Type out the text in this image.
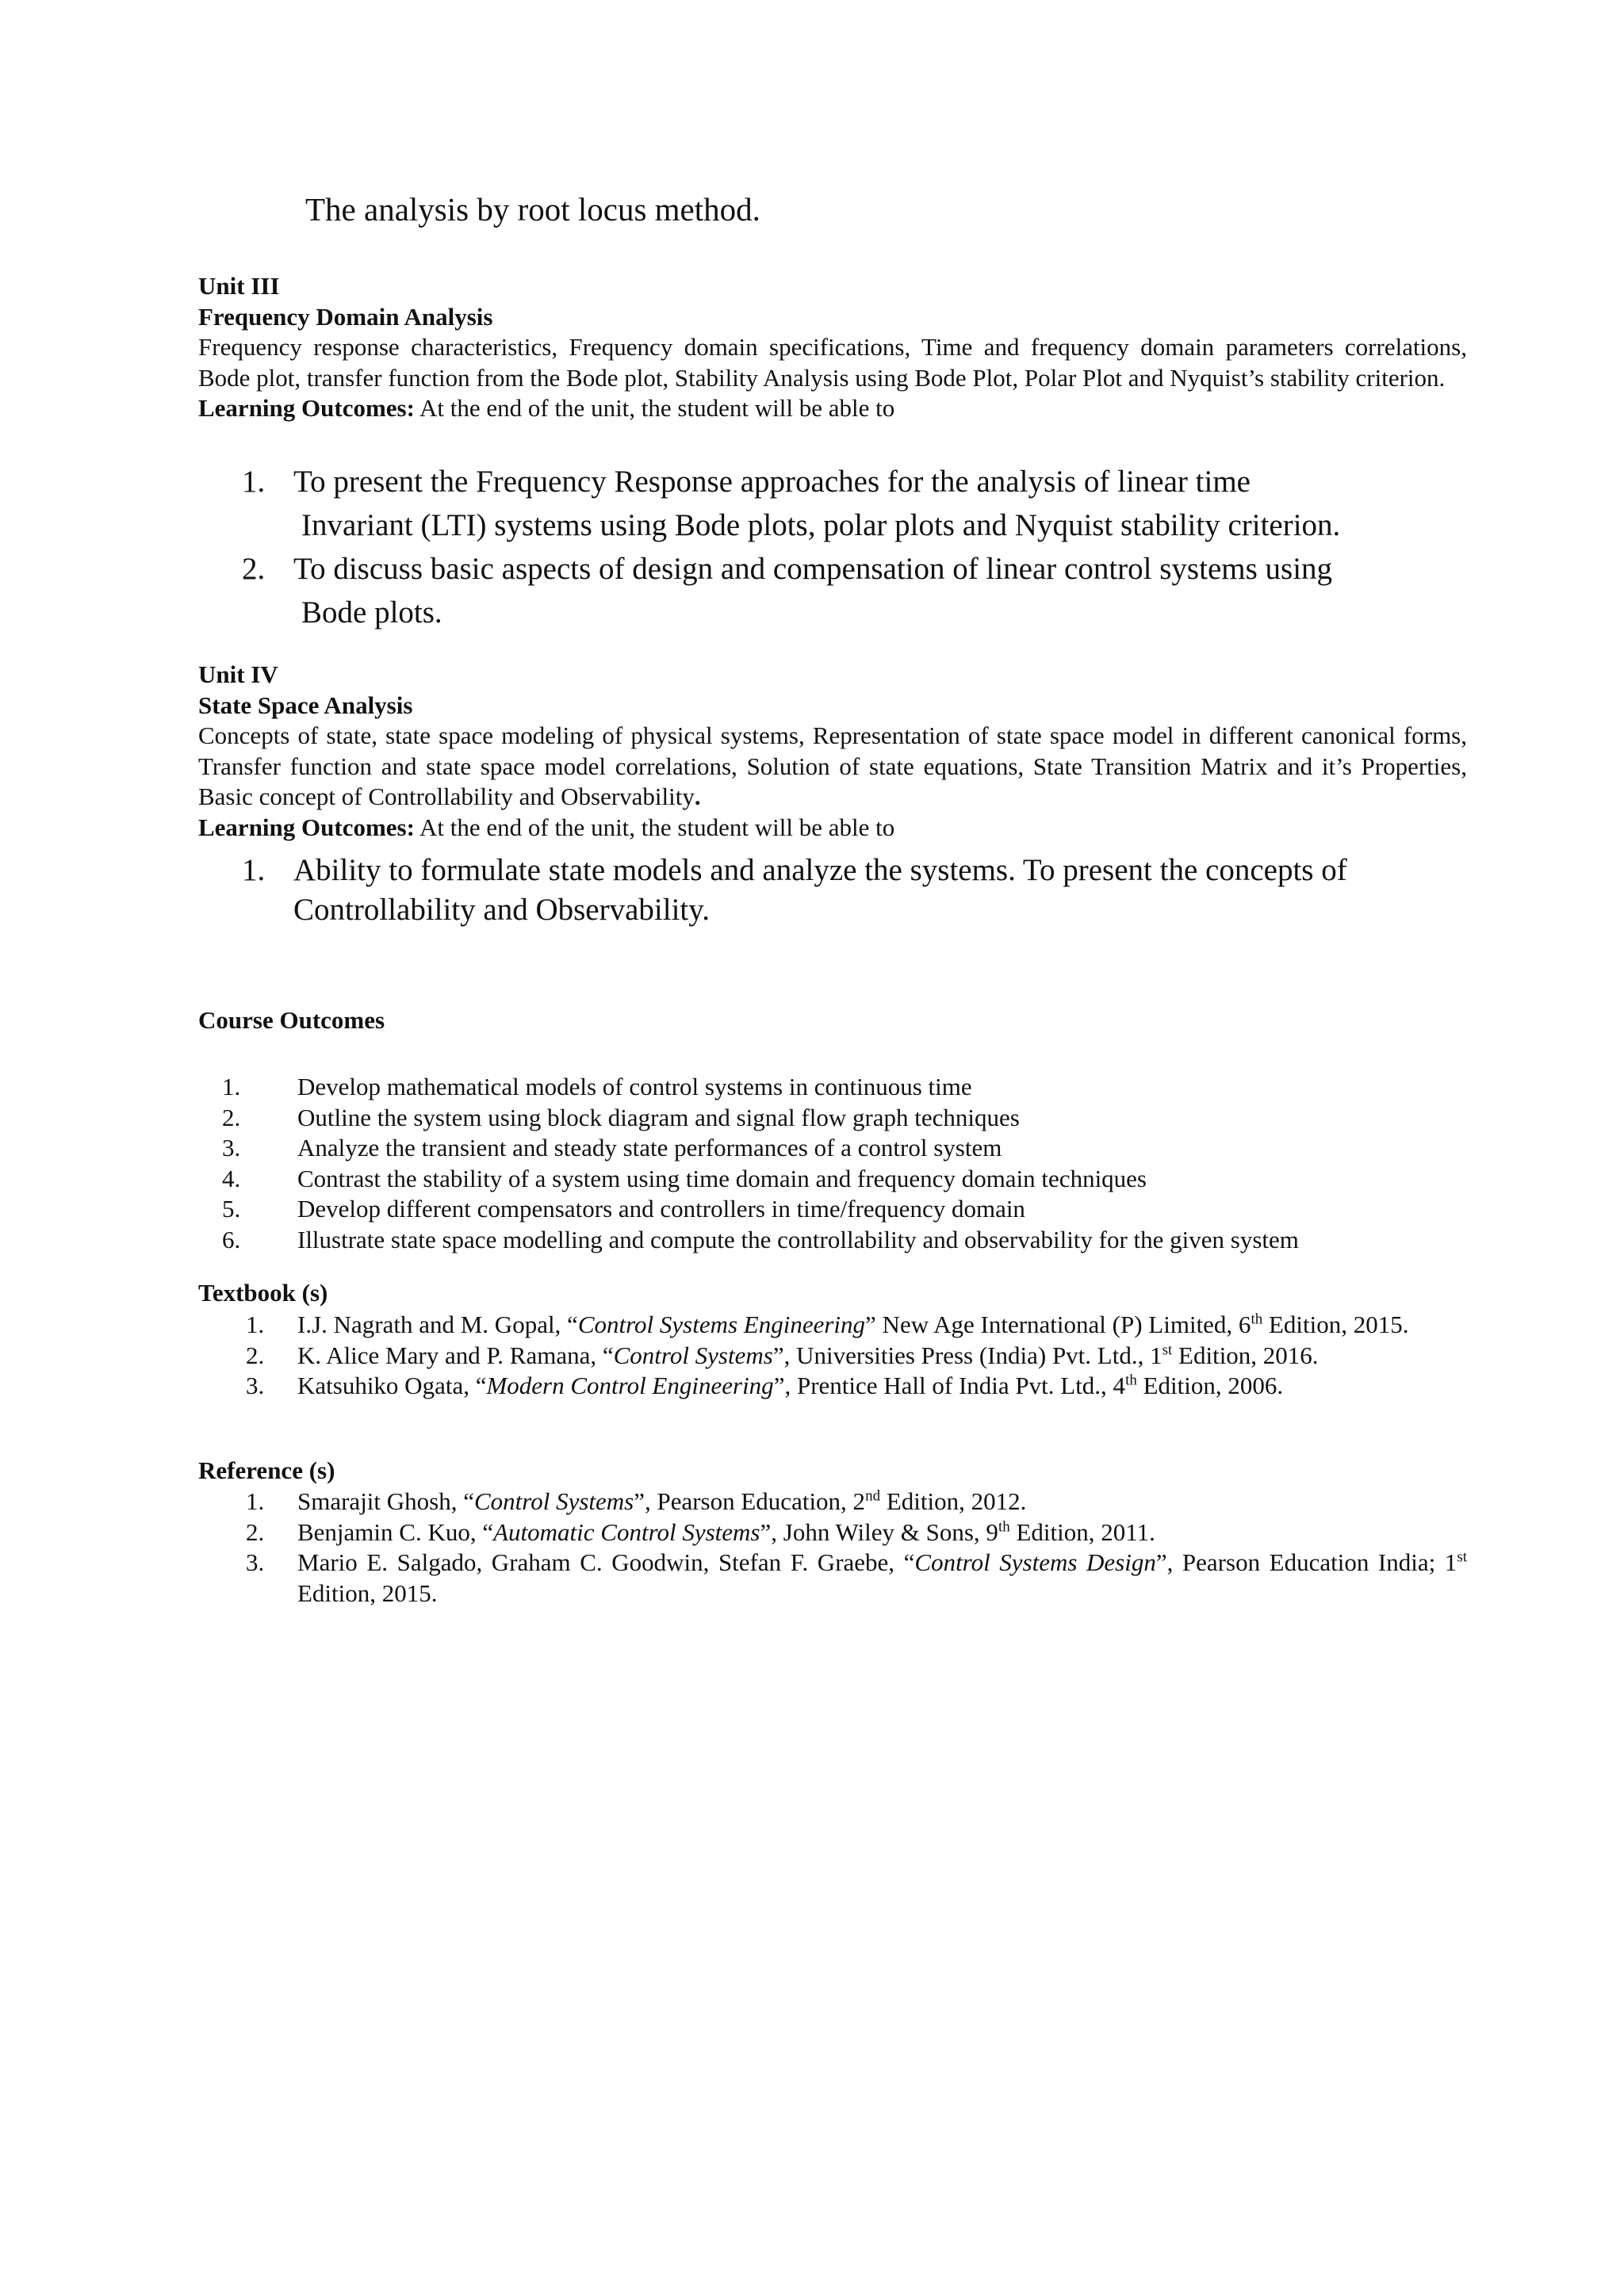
The analysis by root locus method.

Unit III

Frequency Domain Analysis

Frequency response characteristics, Frequency domain specifications, Time and frequency domain parameters correlations, Bode plot, transfer function from the Bode plot, Stability Analysis using Bode Plot, Polar Plot and Nyquist’s stability criterion.

Learning Outcomes: At the end of the unit, the student will be able to

1. To present the Frequency Response approaches for the analysis of linear time
Invariant (LTI) systems using Bode plots, polar plots and Nyquist stability criterion.
2. To discuss basic aspects of design and compensation of linear control systems using
Bode plots.

Unit IV

State Space Analysis

Concepts of state, state space modeling of physical systems, Representation of state space model in different canonical forms, Transfer function and state space model correlations, Solution of state equations, State Transition Matrix and it’s Properties, Basic concept of Controllability and Observability.

Learning Outcomes: At the end of the unit, the student will be able to

1. Ability to formulate state models and analyze the systems. To present the concepts of
Controllability and Observability.

Course Outcomes

1. Develop mathematical models of control systems in continuous time
2. Outline the system using block diagram and signal flow graph techniques
3. Analyze the transient and steady state performances of a control system
4. Contrast the stability of a system using time domain and frequency domain techniques
5. Develop different compensators and controllers in time/frequency domain
6. Illustrate state space modelling and compute the controllability and observability for the given system

Textbook (s)

1. I.J. Nagrath and M. Gopal, “Control Systems Engineering” New Age International (P) Limited, 6th Edition, 2015.
2. K. Alice Mary and P. Ramana, “Control Systems”, Universities Press (India) Pvt. Ltd., 1st Edition, 2016.
3. Katsuhiko Ogata, “Modern Control Engineering”, Prentice Hall of India Pvt. Ltd., 4th Edition, 2006.

Reference (s)

1. Smarajit Ghosh, “Control Systems”, Pearson Education, 2nd Edition, 2012.
2. Benjamin C. Kuo, “Automatic Control Systems”, John Wiley & Sons, 9th Edition, 2011.
3. Mario E. Salgado, Graham C. Goodwin, Stefan F. Graebe, “Control Systems Design”, Pearson Education India; 1st Edition, 2015.
